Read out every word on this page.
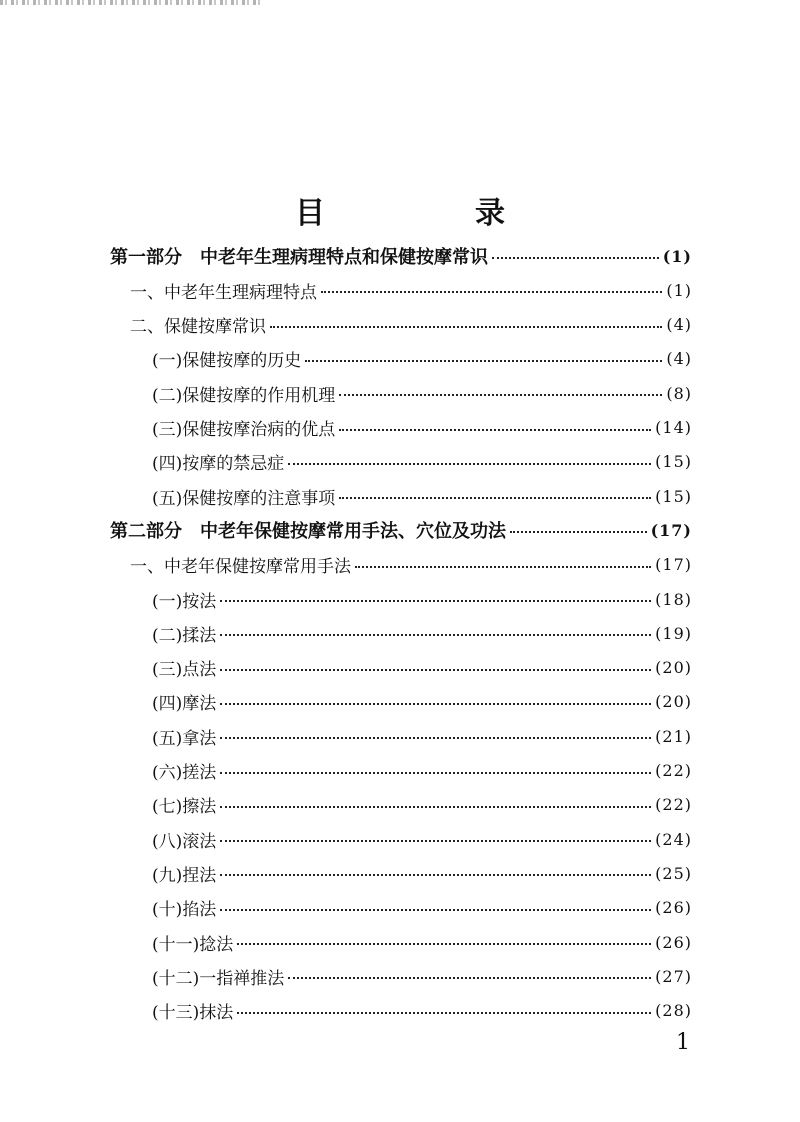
目　录
第一部分　中老年生理病理特点和保健按摩常识	(1)
一、中老年生理病理特点	(1)
二、保健按摩常识	(4)
(一)保健按摩的历史	(4)
(二)保健按摩的作用机理	(8)
(三)保健按摩治病的优点	(14)
(四)按摩的禁忌症	(15)
(五)保健按摩的注意事项	(15)
第二部分　中老年保健按摩常用手法、穴位及功法	(17)
一、中老年保健按摩常用手法	(17)
(一)按法	(18)
(二)揉法	(19)
(三)点法	(20)
(四)摩法	(20)
(五)拿法	(21)
(六)搓法	(22)
(七)擦法	(22)
(八)滚法	(24)
(九)捏法	(25)
(十)掐法	(26)
(十一)捻法	(26)
(十二)一指禅推法	(27)
(十三)抹法	(28)
1
